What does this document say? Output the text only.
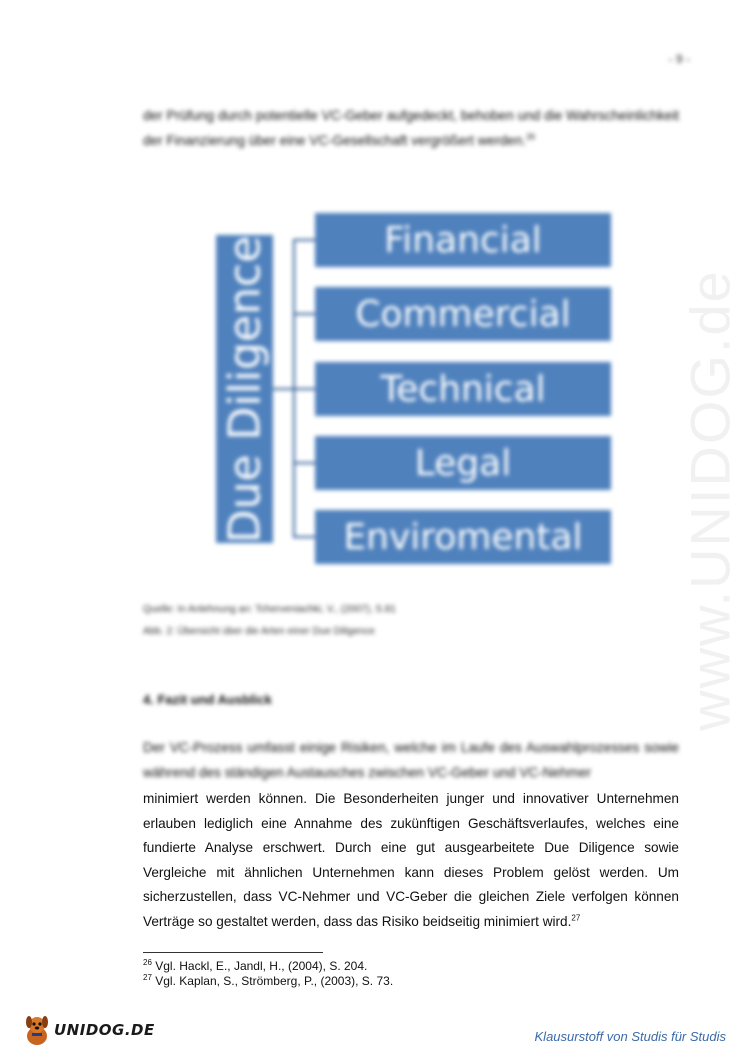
www.UNIDOG.de
- 9 -

der Prüfung durch potentielle VC-Geber aufgedeckt, behoben und die Wahrscheinlichkeit der Finanzierung über eine VC-Gesellschaft vergrößert werden.$^{26}$

Due Diligence	Financial
Commercial
Technical
Legal
Enviromental
Quelle: In Anlehnung an: Tcherveniachki, V., (2007), S.81
Abb. 2: Übersicht über die Arten einer Due Diligence
4. Fazit und Ausblick

Der VC-Prozess umfasst einige Risiken, welche im Laufe des Auswahlprozesses sowie während des ständigen Austausches zwischen VC-Geber und VC-Nehmer

minimiert werden können. Die Besonderheiten junger und innovativer Unternehmen erlauben lediglich eine Annahme des zukünftigen Geschäftsverlaufes, welches eine fundierte Analyse erschwert. Durch eine gut ausgearbeitete Due Diligence sowie Vergleiche mit ähnlichen Unternehmen kann dieses Problem gelöst werden. Um sicherzustellen, dass VC-Nehmer und VC-Geber die gleichen Ziele verfolgen können Verträge so gestaltet werden, dass das Risiko beidseitig minimiert wird.$^{27}$

$^{26}$ Vgl. Hackl, E., Jandl, H., (2004), S. 204.
$^{27}$ Vgl. Kaplan, S., Strömberg, P., (2003), S. 73.
UNIDOG.DE	Klausurstoff von Studis für Studis
